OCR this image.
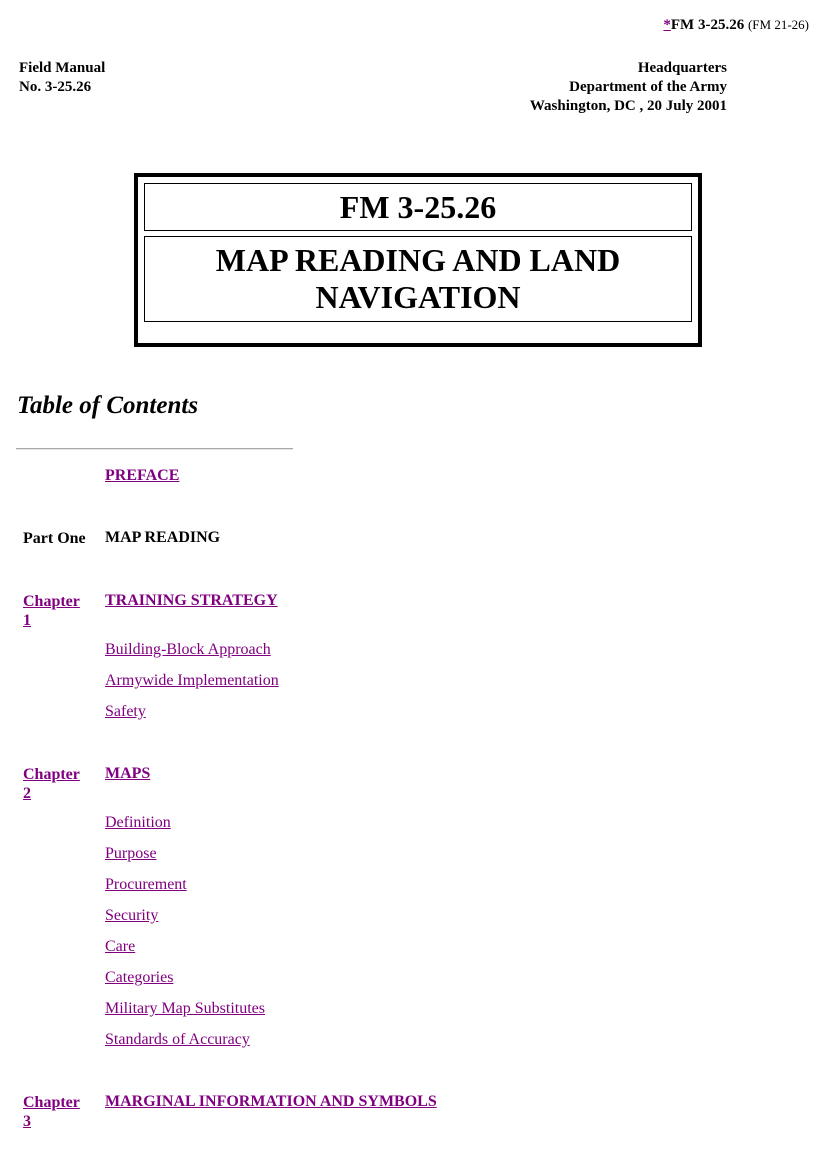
*FM 3-25.26 (FM 21-26)
Field Manual
No. 3-25.26
Headquarters
Department of the Army
Washington, DC , 20 July 2001
FM 3-25.26
MAP READING AND LAND
NAVIGATION
Table of Contents
PREFACE
Part One	MAP READING
Chapter
1
TRAINING STRATEGY
Building-Block Approach
Armywide Implementation
Safety
Chapter
2
MAPS
Definition
Purpose
Procurement
Security
Care
Categories
Military Map Substitutes
Standards of Accuracy
Chapter
3
MARGINAL INFORMATION AND SYMBOLS
